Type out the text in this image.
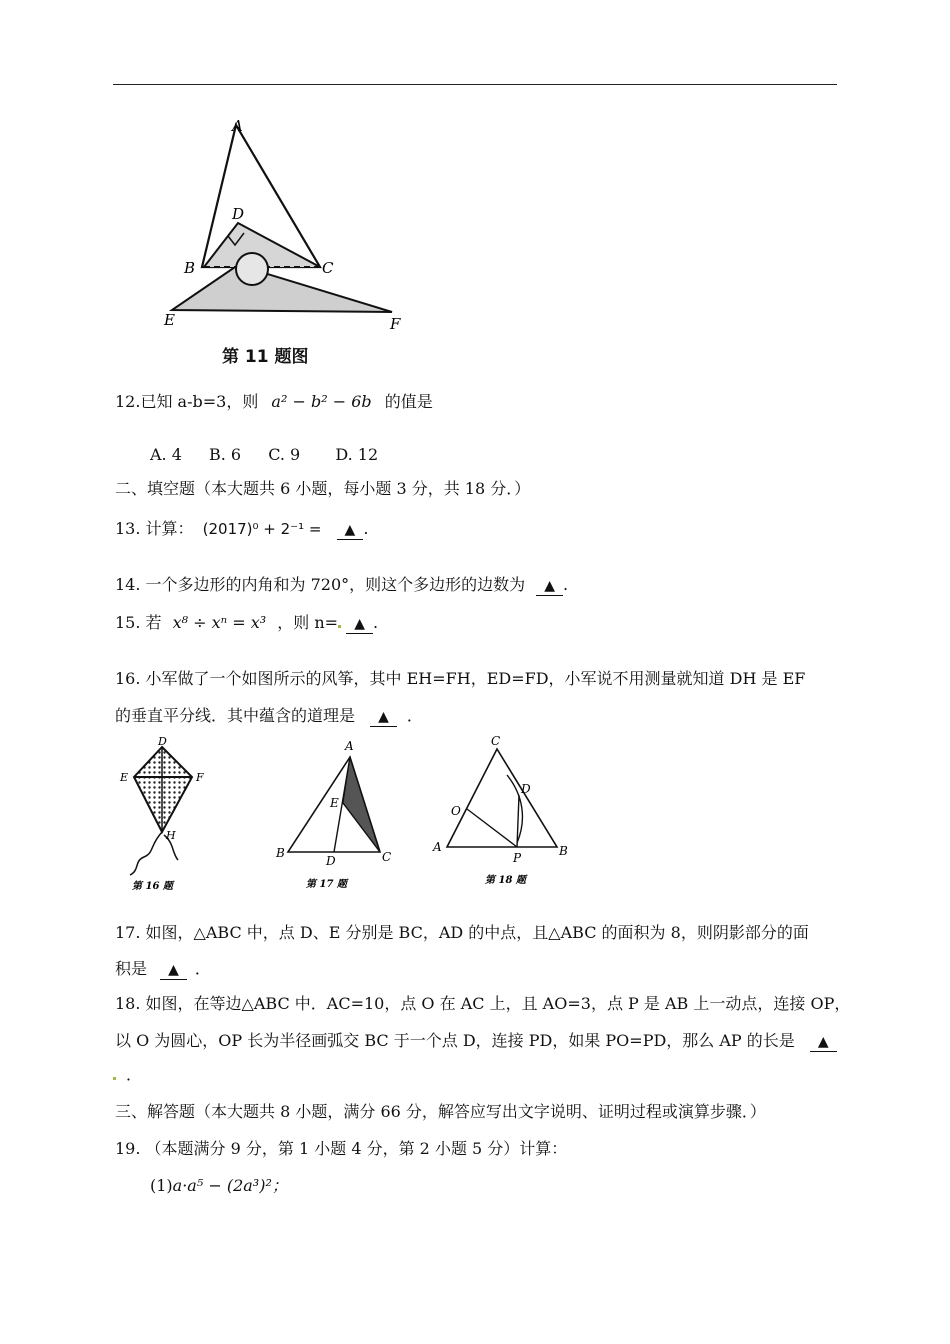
A
D
B	C
E	F
第 11 题图
12.已知 a-b=3，则 a² − b² − 6b 的值是
A. 4 B. 6 C. 9 D. 12
二、填空题（本大题共 6 小题，每小题 3 分，共 18 分．）
13. 计算： (2017)⁰ + 2⁻¹ = ▲ .
14. 一个多边形的内角和为 720°，则这个多边形的边数为 ▲ .
15. 若 x⁸ ÷ xⁿ = x³ ，则 n= ▲ .
16. 小军做了一个如图所示的风筝，其中 EH=FH，ED=FD，小军说不用测量就知道 DH 是 EF
的垂直平分线．其中蕴含的道理是 ▲ ．
D
E	F
H
第 16 题
A
E
B
D	C
第 17 题
C
D
O
A
P	B
第 18 题
17. 如图，△ABC 中，点 D、E 分别是 BC，AD 的中点，且△ABC 的面积为 8，则阴影部分的面
积是 ▲ ．
18. 如图，在等边△ABC 中．AC=10，点 O 在 AC 上，且 AO=3，点 P 是 AB 上一动点，连接 OP，
以 O 为圆心，OP 长为半径画弧交 BC 于一个点 D，连接 PD，如果 PO=PD，那么 AP 的长是 ▲
．
三、解答题（本大题共 8 小题，满分 66 分，解答应写出文字说明、证明过程或演算步骤．）
19. （本题满分 9 分，第 1 小题 4 分，第 2 小题 5 分）计算：
(1)a·a⁵ − (2a³)²；
